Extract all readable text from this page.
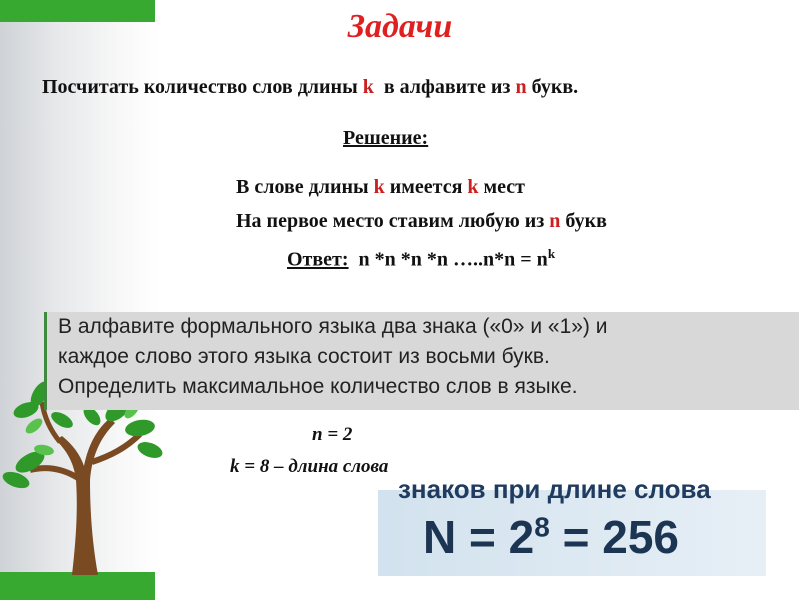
Задачи
Посчитать количество слов длины k  в алфавите из n букв.
Решение:
В слове длины k имеется k мест
На первое место ставим любую из n букв
Ответ:  n *n *n *n …..n*n = $n^k$
В алфавите формального языка два знака («0» и «1») и
каждое слово этого языка состоит из восьми букв.
Определить максимальное количество слов в языке.
n = 2
k = 8 – длина слова
знаков при длине слова
$N = 2^8 = 256$
